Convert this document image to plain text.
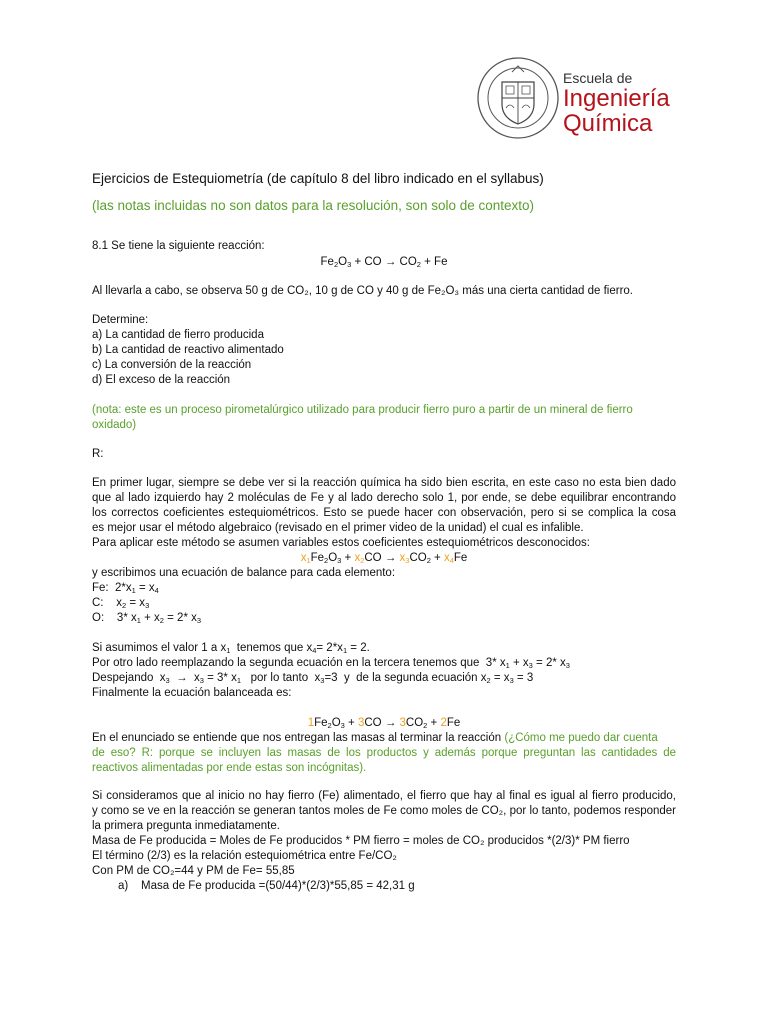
Escuela de
Ingeniería
Química
Ejercicios de Estequiometría (de capítulo 8 del libro indicado en el syllabus)
(las notas incluidas no son datos para la resolución, son solo de contexto)
8.1 Se tiene la siguiente reacción:
$Fe_2O_3$ + CO → $CO_2 + Fe$
Al llevarla a cabo, se observa 50 g de CO₂, 10 g de CO y 40 g de Fe₂O₃ más una cierta cantidad de fierro.
Determine:
a) La cantidad de fierro producida
b) La cantidad de reactivo alimentado
c) La conversión de la reacción
d) El exceso de la reacción
(nota: este es un proceso pirometalúrgico utilizado para producir fierro puro a partir de un mineral de fierro
oxidado)
R:
En primer lugar, siempre se debe ver si la reacción química ha sido bien escrita, en este caso no esta bien dado
que al lado izquierdo hay 2 moléculas de Fe y al lado derecho solo 1, por ende, se debe equilibrar encontrando
los correctos coeficientes estequiométricos. Esto se puede hacer con observación, pero si se complica la cosa
es mejor usar el método algebraico (revisado en el primer video de la unidad) el cual es infalible.
Para aplicar este método se asumen variables estos coeficientes estequiométricos desconocidos:
$x_1Fe_2O_3 + x_2CO \to x_3CO_2 + x_4Fe$
y escribimos una ecuación de balance para cada elemento:
Fe:  $2*x_1 = x_4$
C:    $x_2 = x_3$
O:    3* $x_1 + x_2 = 2*$ $x_3$
Si asumimos el valor 1 a $x_1$  tenemos que $x_4= 2*x_1 = 2$.
Por otro lado reemplazando la segunda ecuación en la tercera tenemos que  3* $x_1 + x_3 = 2*$ $x_3$
Despejando  $x_3 \to x_3 = 3*$ $x_1$   por lo tanto  $x_3=3$  y  de la segunda ecuación $x_2 = x_3 = 3$
Finalmente la ecuación balanceada es:
$1Fe_2O_3 + 3CO \to 3CO_2 + 2Fe$
En el enunciado se entiende que nos entregan las masas al terminar la reacción (¿Cómo me puedo dar cuenta
de eso? R: porque se incluyen las masas de los productos y además porque preguntan las cantidades de
reactivos alimentadas por ende estas son incógnitas).
Si consideramos que al inicio no hay fierro (Fe) alimentado, el fierro que hay al final es igual al fierro producido,
y como se ve en la reacción se generan tantos moles de Fe como moles de CO₂, por lo tanto, podemos responder
la primera pregunta inmediatamente.
Masa de Fe producida = Moles de Fe producidos * PM fierro = moles de CO₂ producidos *(2/3)* PM fierro
El término (2/3) es la relación estequiométrica entre Fe/CO₂
Con PM de CO₂=44 y PM de Fe= 55,85
a) Masa de Fe producida =(50/44)*(2/3)*55,85 = 42,31 g
